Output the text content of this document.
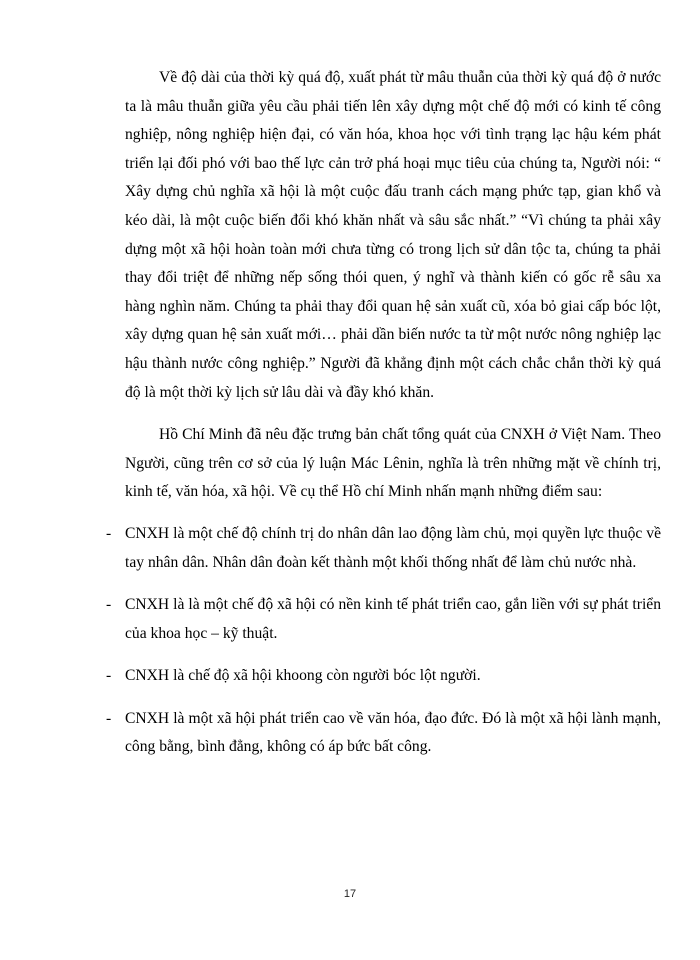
Về độ dài của thời kỳ quá độ, xuất phát từ mâu thuẫn của thời kỳ quá độ ở nước ta là mâu thuẫn giữa yêu cầu phải tiến lên xây dựng một chế độ mới có kinh tế công nghiệp, nông nghiệp hiện đại, có văn hóa, khoa học với tình trạng lạc hậu kém phát triển lại đối phó với bao thế lực cản trở phá hoại mục tiêu của chúng ta, Người nói: “ Xây dựng chủ nghĩa xã hội là một cuộc đấu tranh cách mạng phức tạp, gian khổ và kéo dài, là một cuộc biến đổi khó khăn nhất và sâu sắc nhất.” “Vì chúng ta phải xây dựng một xã hội hoàn toàn mới chưa từng có trong lịch sử dân tộc ta, chúng ta phải thay đổi triệt để những nếp sống thói quen, ý nghĩ và thành kiến có gốc rễ sâu xa hàng nghìn năm. Chúng ta phải thay đổi quan hệ sản xuất cũ, xóa bỏ giai cấp bóc lột, xây dựng quan hệ sản xuất mới… phải dần biến nước ta từ một nước nông nghiệp lạc hậu thành nước công nghiệp.” Người đã khẳng định một cách chắc chắn thời kỳ quá độ là một thời kỳ lịch sử lâu dài và đầy khó khăn.

Hồ Chí Minh đã nêu đặc trưng bản chất tổng quát của CNXH ở Việt Nam. Theo Người, cũng trên cơ sở của lý luận Mác Lênin, nghĩa là trên những mặt về chính trị, kinh tế, văn hóa, xã hội. Về cụ thể Hồ chí Minh nhấn mạnh những điểm sau:

- CNXH là một chế độ chính trị do nhân dân lao động làm chủ, mọi quyền lực thuộc về tay nhân dân. Nhân dân đoàn kết thành một khối thống nhất để làm chủ nước nhà.
- CNXH là là một chế độ xã hội có nền kinh tế phát triển cao, gắn liền với sự phát triển của khoa học – kỹ thuật.
- CNXH là chế độ xã hội khoong còn người bóc lột người.
- CNXH là một xã hội phát triển cao về văn hóa, đạo đức. Đó là một xã hội lành mạnh, công bằng, bình đẳng, không có áp bức bất công.
17
